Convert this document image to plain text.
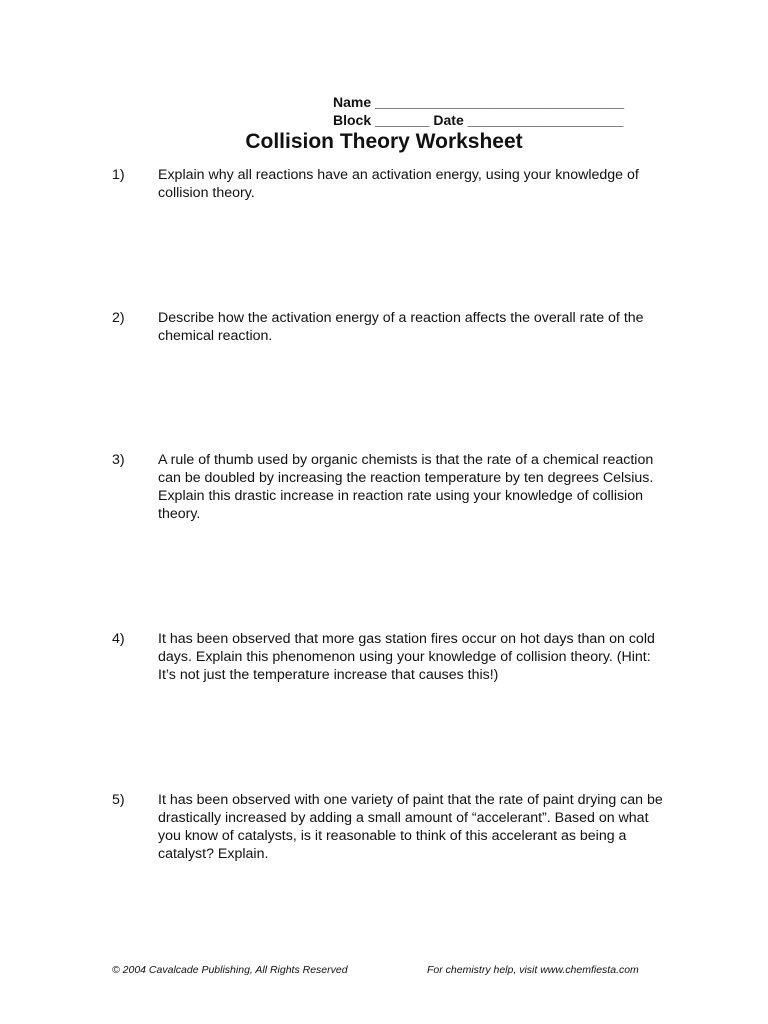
Name ________________________________
Block _______ Date ____________________
Collision Theory Worksheet
1) Explain why all reactions have an activation energy, using your knowledge of collision theory.
2) Describe how the activation energy of a reaction affects the overall rate of the chemical reaction.
3) A rule of thumb used by organic chemists is that the rate of a chemical reaction can be doubled by increasing the reaction temperature by ten degrees Celsius. Explain this drastic increase in reaction rate using your knowledge of collision theory.
4) It has been observed that more gas station fires occur on hot days than on cold days. Explain this phenomenon using your knowledge of collision theory. (Hint: It’s not just the temperature increase that causes this!)
5) It has been observed with one variety of paint that the rate of paint drying can be drastically increased by adding a small amount of “accelerant”. Based on what you know of catalysts, is it reasonable to think of this accelerant as being a catalyst? Explain.
© 2004 Cavalcade Publishing, All Rights Reserved	For chemistry help, visit www.chemfiesta.com
